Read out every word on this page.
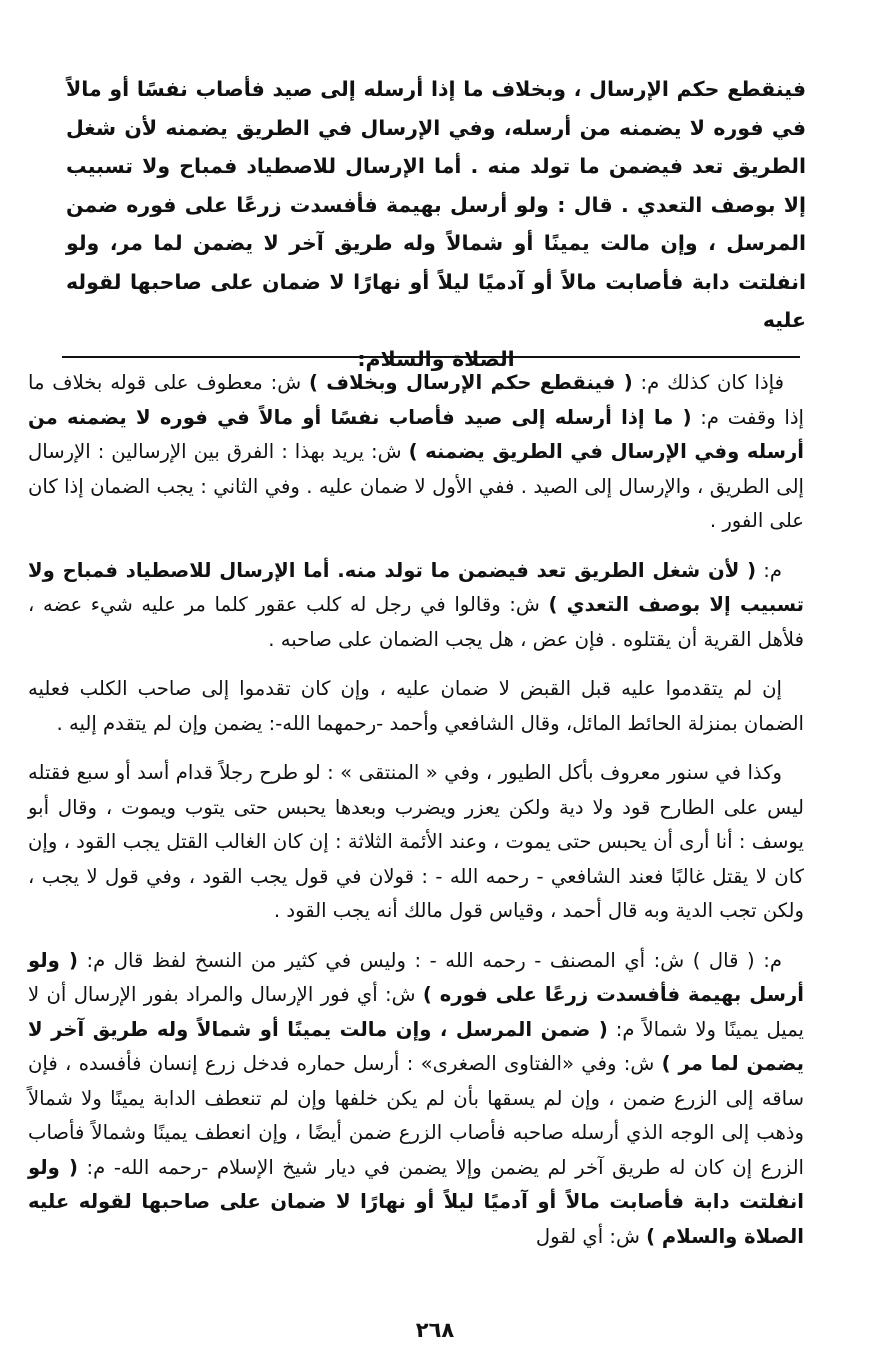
فينقطع حكم الإرسال ، وبخلاف ما إذا أرسله إلى صيد فأصاب نفسًا أو مالاً في فوره لا يضمنه من أرسله، وفي الإرسال في الطريق يضمنه لأن شغل الطريق تعد فيضمن ما تولد منه . أما الإرسال للاصطياد فمباح ولا تسبيب إلا بوصف التعدي . قال : ولو أرسل بهيمة فأفسدت زرعًا على فوره ضمن المرسل ، وإن مالت يمينًا أو شمالاً وله طريق آخر لا يضمن لما مر، ولو انفلتت دابة فأصابت مالاً أو آدميًا ليلاً أو نهارًا لا ضمان على صاحبها لقوله عليه
الصلاة والسلام:

فإذا كان كذلك م: ( فينقطع حكم الإرسال وبخلاف ) ش: معطوف على قوله بخلاف ما إذا وقفت م: ( ما إذا أرسله إلى صيد فأصاب نفسًا أو مالاً في فوره لا يضمنه من أرسله وفي الإرسال في الطريق يضمنه ) ش: يريد بهذا : الفرق بين الإرسالين : الإرسال إلى الطريق ، والإرسال إلى الصيد . ففي الأول لا ضمان عليه . وفي الثاني : يجب الضمان إذا كان على الفور .

م: ( لأن شغل الطريق تعد فيضمن ما تولد منه. أما الإرسال للاصطياد فمباح ولا تسبيب إلا بوصف التعدي ) ش: وقالوا في رجل له كلب عقور كلما مر عليه شيء عضه ، فلأهل القرية أن يقتلوه . فإن عض ، هل يجب الضمان على صاحبه .

إن لم يتقدموا عليه قبل القبض لا ضمان عليه ، وإن كان تقدموا إلى صاحب الكلب فعليه الضمان بمنزلة الحائط المائل، وقال الشافعي وأحمد -رحمهما الله-: يضمن وإن لم يتقدم إليه .

وكذا في سنور معروف بأكل الطيور ، وفي « المنتقى » : لو طرح رجلاً قدام أسد أو سبع فقتله ليس على الطارح قود ولا دية ولكن يعزر ويضرب وبعدها يحبس حتى يتوب ويموت ، وقال أبو يوسف : أنا أرى أن يحبس حتى يموت ، وعند الأئمة الثلاثة : إن كان الغالب القتل يجب القود ، وإن كان لا يقتل غالبًا فعند الشافعي - رحمه الله - : قولان في قول يجب القود ، وفي قول لا يجب ، ولكن تجب الدية وبه قال أحمد ، وقياس قول مالك أنه يجب القود .

م: ( قال ) ش: أي المصنف - رحمه الله - : وليس في كثير من النسخ لفظ قال م: ( ولو أرسل بهيمة فأفسدت زرعًا على فوره ) ش: أي فور الإرسال والمراد بفور الإرسال أن لا يميل يمينًا ولا شمالاً م: ( ضمن المرسل ، وإن مالت يمينًا أو شمالاً وله طريق آخر لا يضمن لما مر ) ش: وفي «الفتاوى الصغرى» : أرسل حماره فدخل زرع إنسان فأفسده ، فإن ساقه إلى الزرع ضمن ، وإن لم يسقها بأن لم يكن خلفها وإن لم تنعطف الدابة يمينًا ولا شمالاً وذهب إلى الوجه الذي أرسله صاحبه فأصاب الزرع ضمن أيضًا ، وإن انعطف يمينًا وشمالاً فأصاب الزرع إن كان له طريق آخر لم يضمن وإلا يضمن في ديار شيخ الإسلام -رحمه الله- م: ( ولو انفلتت دابة فأصابت مالاً أو آدميًا ليلاً أو نهارًا لا ضمان على صاحبها لقوله عليه الصلاة والسلام ) ش: أي لقول

٢٦٨
